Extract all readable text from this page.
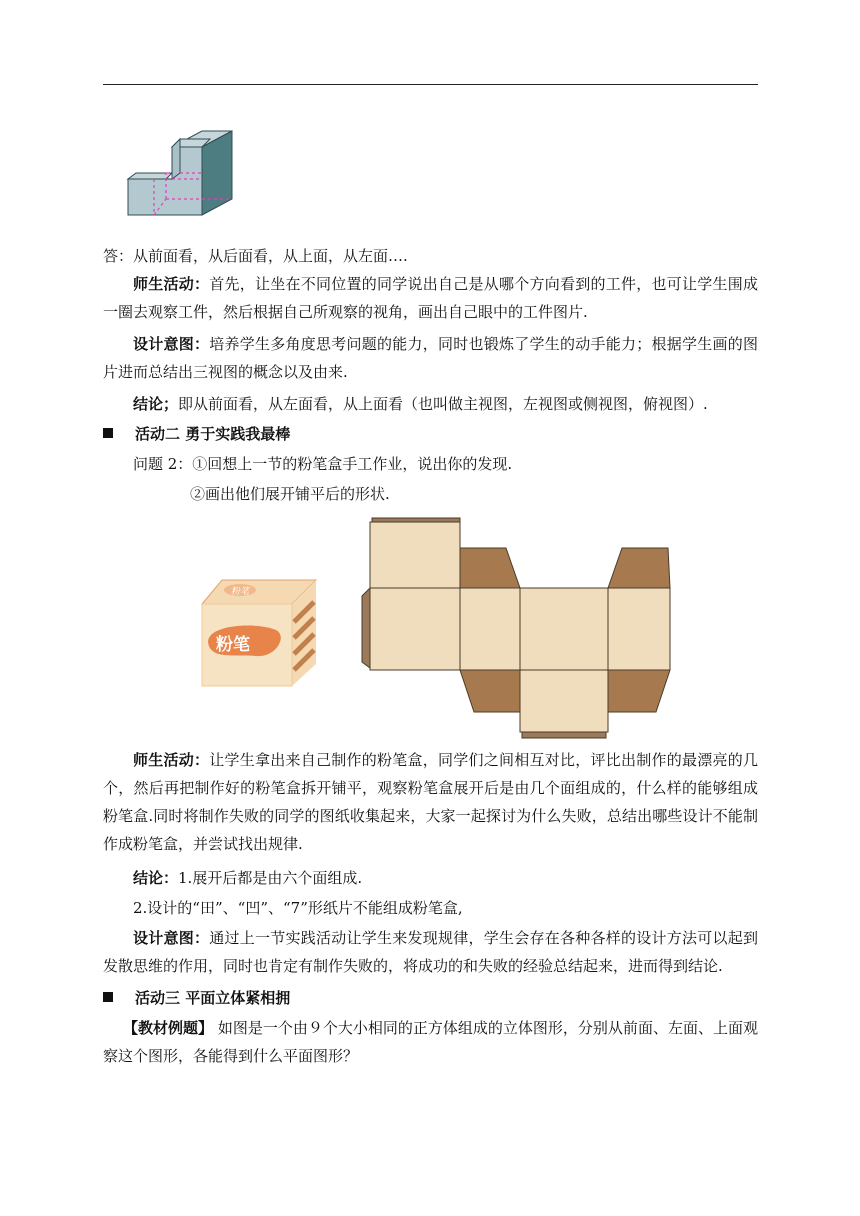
答：从前面看，从后面看，从上面，从左面….

师生活动：首先，让坐在不同位置的同学说出自己是从哪个方向看到的工件，也可让学生围成一圈去观察工件，然后根据自己所观察的视角，画出自己眼中的工件图片.

设计意图：培养学生多角度思考问题的能力，同时也锻炼了学生的动手能力；根据学生画的图片进而总结出三视图的概念以及由来.

结论；即从前面看，从左面看，从上面看（也叫做主视图，左视图或侧视图，俯视图）.

活动二 勇于实践我最棒

问题 2：①回想上一节的粉笔盒手工作业，说出你的发现.

②画出他们展开铺平后的形状.

粉笔
粉笔

师生活动：让学生拿出来自己制作的粉笔盒，同学们之间相互对比，评比出制作的最漂亮的几个，然后再把制作好的粉笔盒拆开铺平，观察粉笔盒展开后是由几个面组成的，什么样的能够组成粉笔盒.同时将制作失败的同学的图纸收集起来，大家一起探讨为什么失败，总结出哪些设计不能制作成粉笔盒，并尝试找出规律.

结论：1.展开后都是由六个面组成.

2.设计的“田”、“凹”、“7”形纸片不能组成粉笔盒,

设计意图：通过上一节实践活动让学生来发现规律，学生会存在各种各样的设计方法可以起到发散思维的作用，同时也肯定有制作失败的，将成功的和失败的经验总结起来，进而得到结论.

活动三 平面立体紧相拥

【教材例题】 如图是一个由９个大小相同的正方体组成的立体图形，分别从前面、左面、上面观察这个图形，各能得到什么平面图形？
